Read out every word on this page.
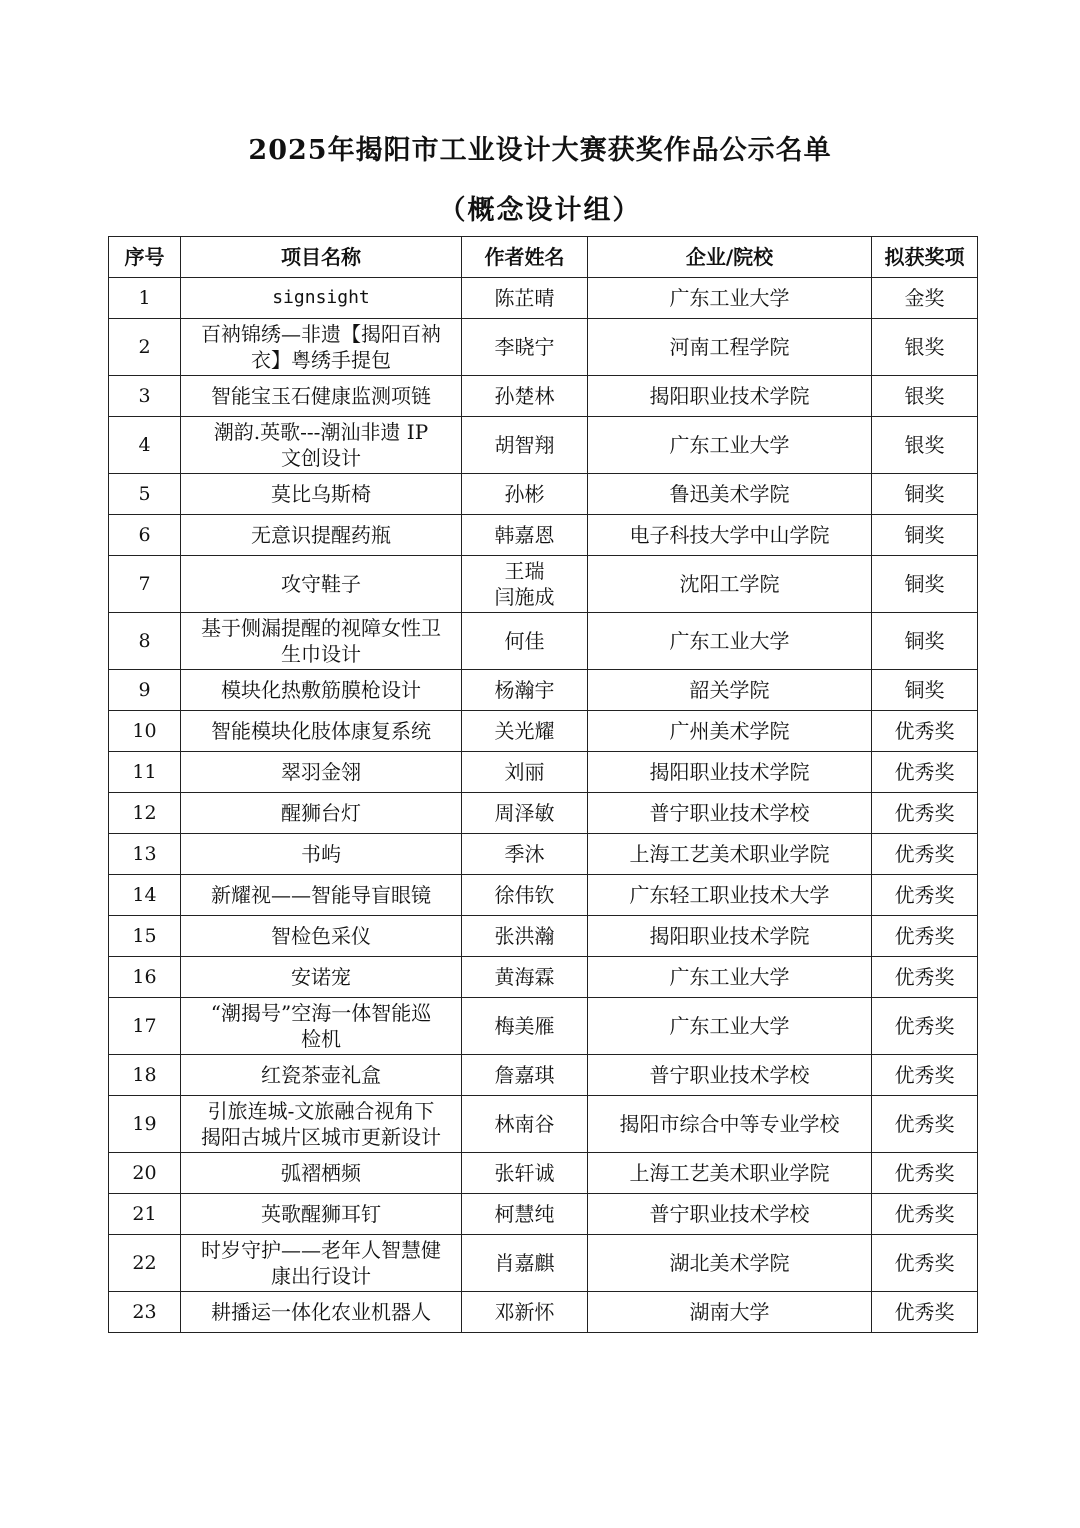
2025年揭阳市工业设计大赛获奖作品公示名单
（概念设计组）
序号	项目名称	作者姓名	企业/院校	拟获奖项
1	signsight	陈芷晴	广东工业大学	金奖
2	百衲锦绣—非遗【揭阳百衲
衣】粤绣手提包	李晓宁	河南工程学院	银奖
3	智能宝玉石健康监测项链	孙楚林	揭阳职业技术学院	银奖
4	潮韵.英歌---潮汕非遗 IP
文创设计	胡智翔	广东工业大学	银奖
5	莫比乌斯椅	孙彬	鲁迅美术学院	铜奖
6	无意识提醒药瓶	韩嘉恩	电子科技大学中山学院	铜奖
7	攻守鞋子	王瑞
闫施成	沈阳工学院	铜奖
8	基于侧漏提醒的视障女性卫
生巾设计	何佳	广东工业大学	铜奖
9	模块化热敷筋膜枪设计	杨瀚宇	韶关学院	铜奖
10	智能模块化肢体康复系统	关光耀	广州美术学院	优秀奖
11	翠羽金翎	刘丽	揭阳职业技术学院	优秀奖
12	醒狮台灯	周泽敏	普宁职业技术学校	优秀奖
13	书屿	季沐	上海工艺美术职业学院	优秀奖
14	新耀视——智能导盲眼镜	徐伟钦	广东轻工职业技术大学	优秀奖
15	智检色采仪	张洪瀚	揭阳职业技术学院	优秀奖
16	安诺宠	黄海霖	广东工业大学	优秀奖
17	“潮揭号”空海一体智能巡
检机	梅美雁	广东工业大学	优秀奖
18	红瓷茶壶礼盒	詹嘉琪	普宁职业技术学校	优秀奖
19	引旅连城-文旅融合视角下
揭阳古城片区城市更新设计	林南谷	揭阳市综合中等专业学校	优秀奖
20	弧褶栖频	张轩诚	上海工艺美术职业学院	优秀奖
21	英歌醒狮耳钉	柯慧纯	普宁职业技术学校	优秀奖
22	时岁守护——老年人智慧健
康出行设计	肖嘉麒	湖北美术学院	优秀奖
23	耕播运一体化农业机器人	邓新怀	湖南大学	优秀奖
